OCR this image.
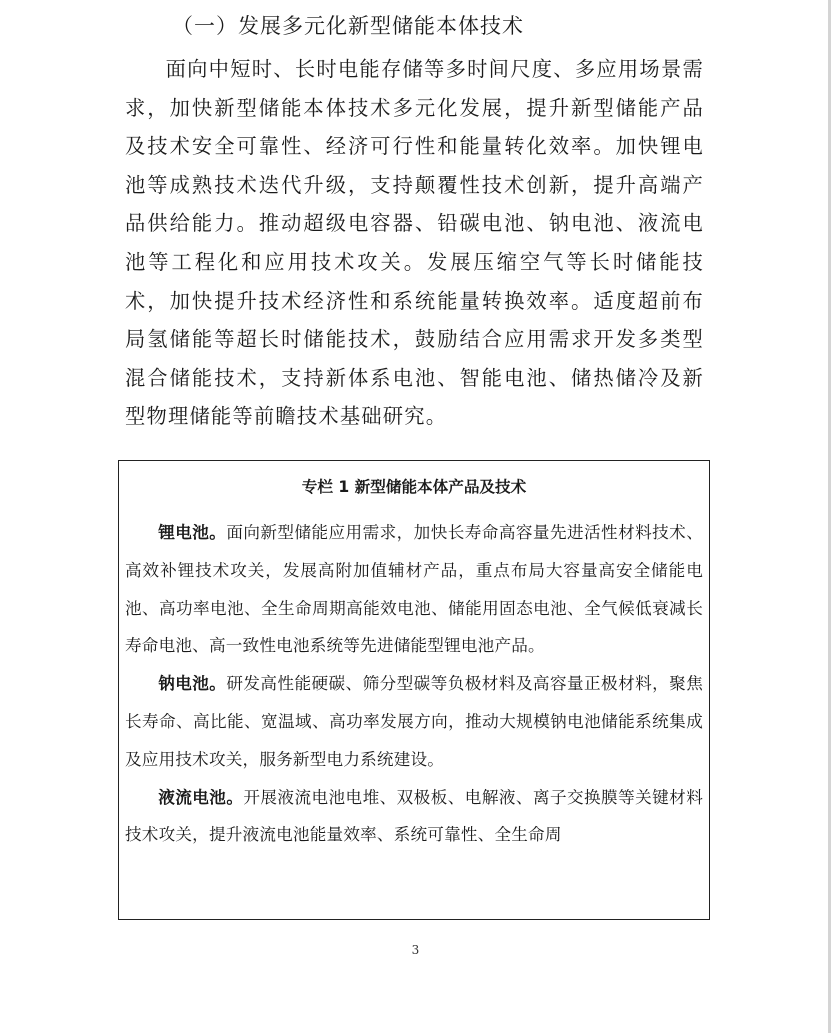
（一）发展多元化新型储能本体技术

面向中短时、长时电能存储等多时间尺度、多应用场景需求，加快新型储能本体技术多元化发展，提升新型储能产品及技术安全可靠性、经济可行性和能量转化效率。加快锂电池等成熟技术迭代升级，支持颠覆性技术创新，提升高端产品供给能力。推动超级电容器、铅碳电池、钠电池、液流电池等工程化和应用技术攻关。发展压缩空气等长时储能技术，加快提升技术经济性和系统能量转换效率。适度超前布局氢储能等超长时储能技术，鼓励结合应用需求开发多类型混合储能技术，支持新体系电池、智能电池、储热储冷及新型物理储能等前瞻技术基础研究。

专栏 1 新型储能本体产品及技术

锂电池。面向新型储能应用需求，加快长寿命高容量先进活性材料技术、高效补锂技术攻关，发展高附加值辅材产品，重点布局大容量高安全储能电池、高功率电池、全生命周期高能效电池、储能用固态电池、全气候低衰减长寿命电池、高一致性电池系统等先进储能型锂电池产品。

钠电池。研发高性能硬碳、筛分型碳等负极材料及高容量正极材料，聚焦长寿命、高比能、宽温域、高功率发展方向，推动大规模钠电池储能系统集成及应用技术攻关，服务新型电力系统建设。

液流电池。开展液流电池电堆、双极板、电解液、离子交换膜等关键材料技术攻关，提升液流电池能量效率、系统可靠性、全生命周

3
